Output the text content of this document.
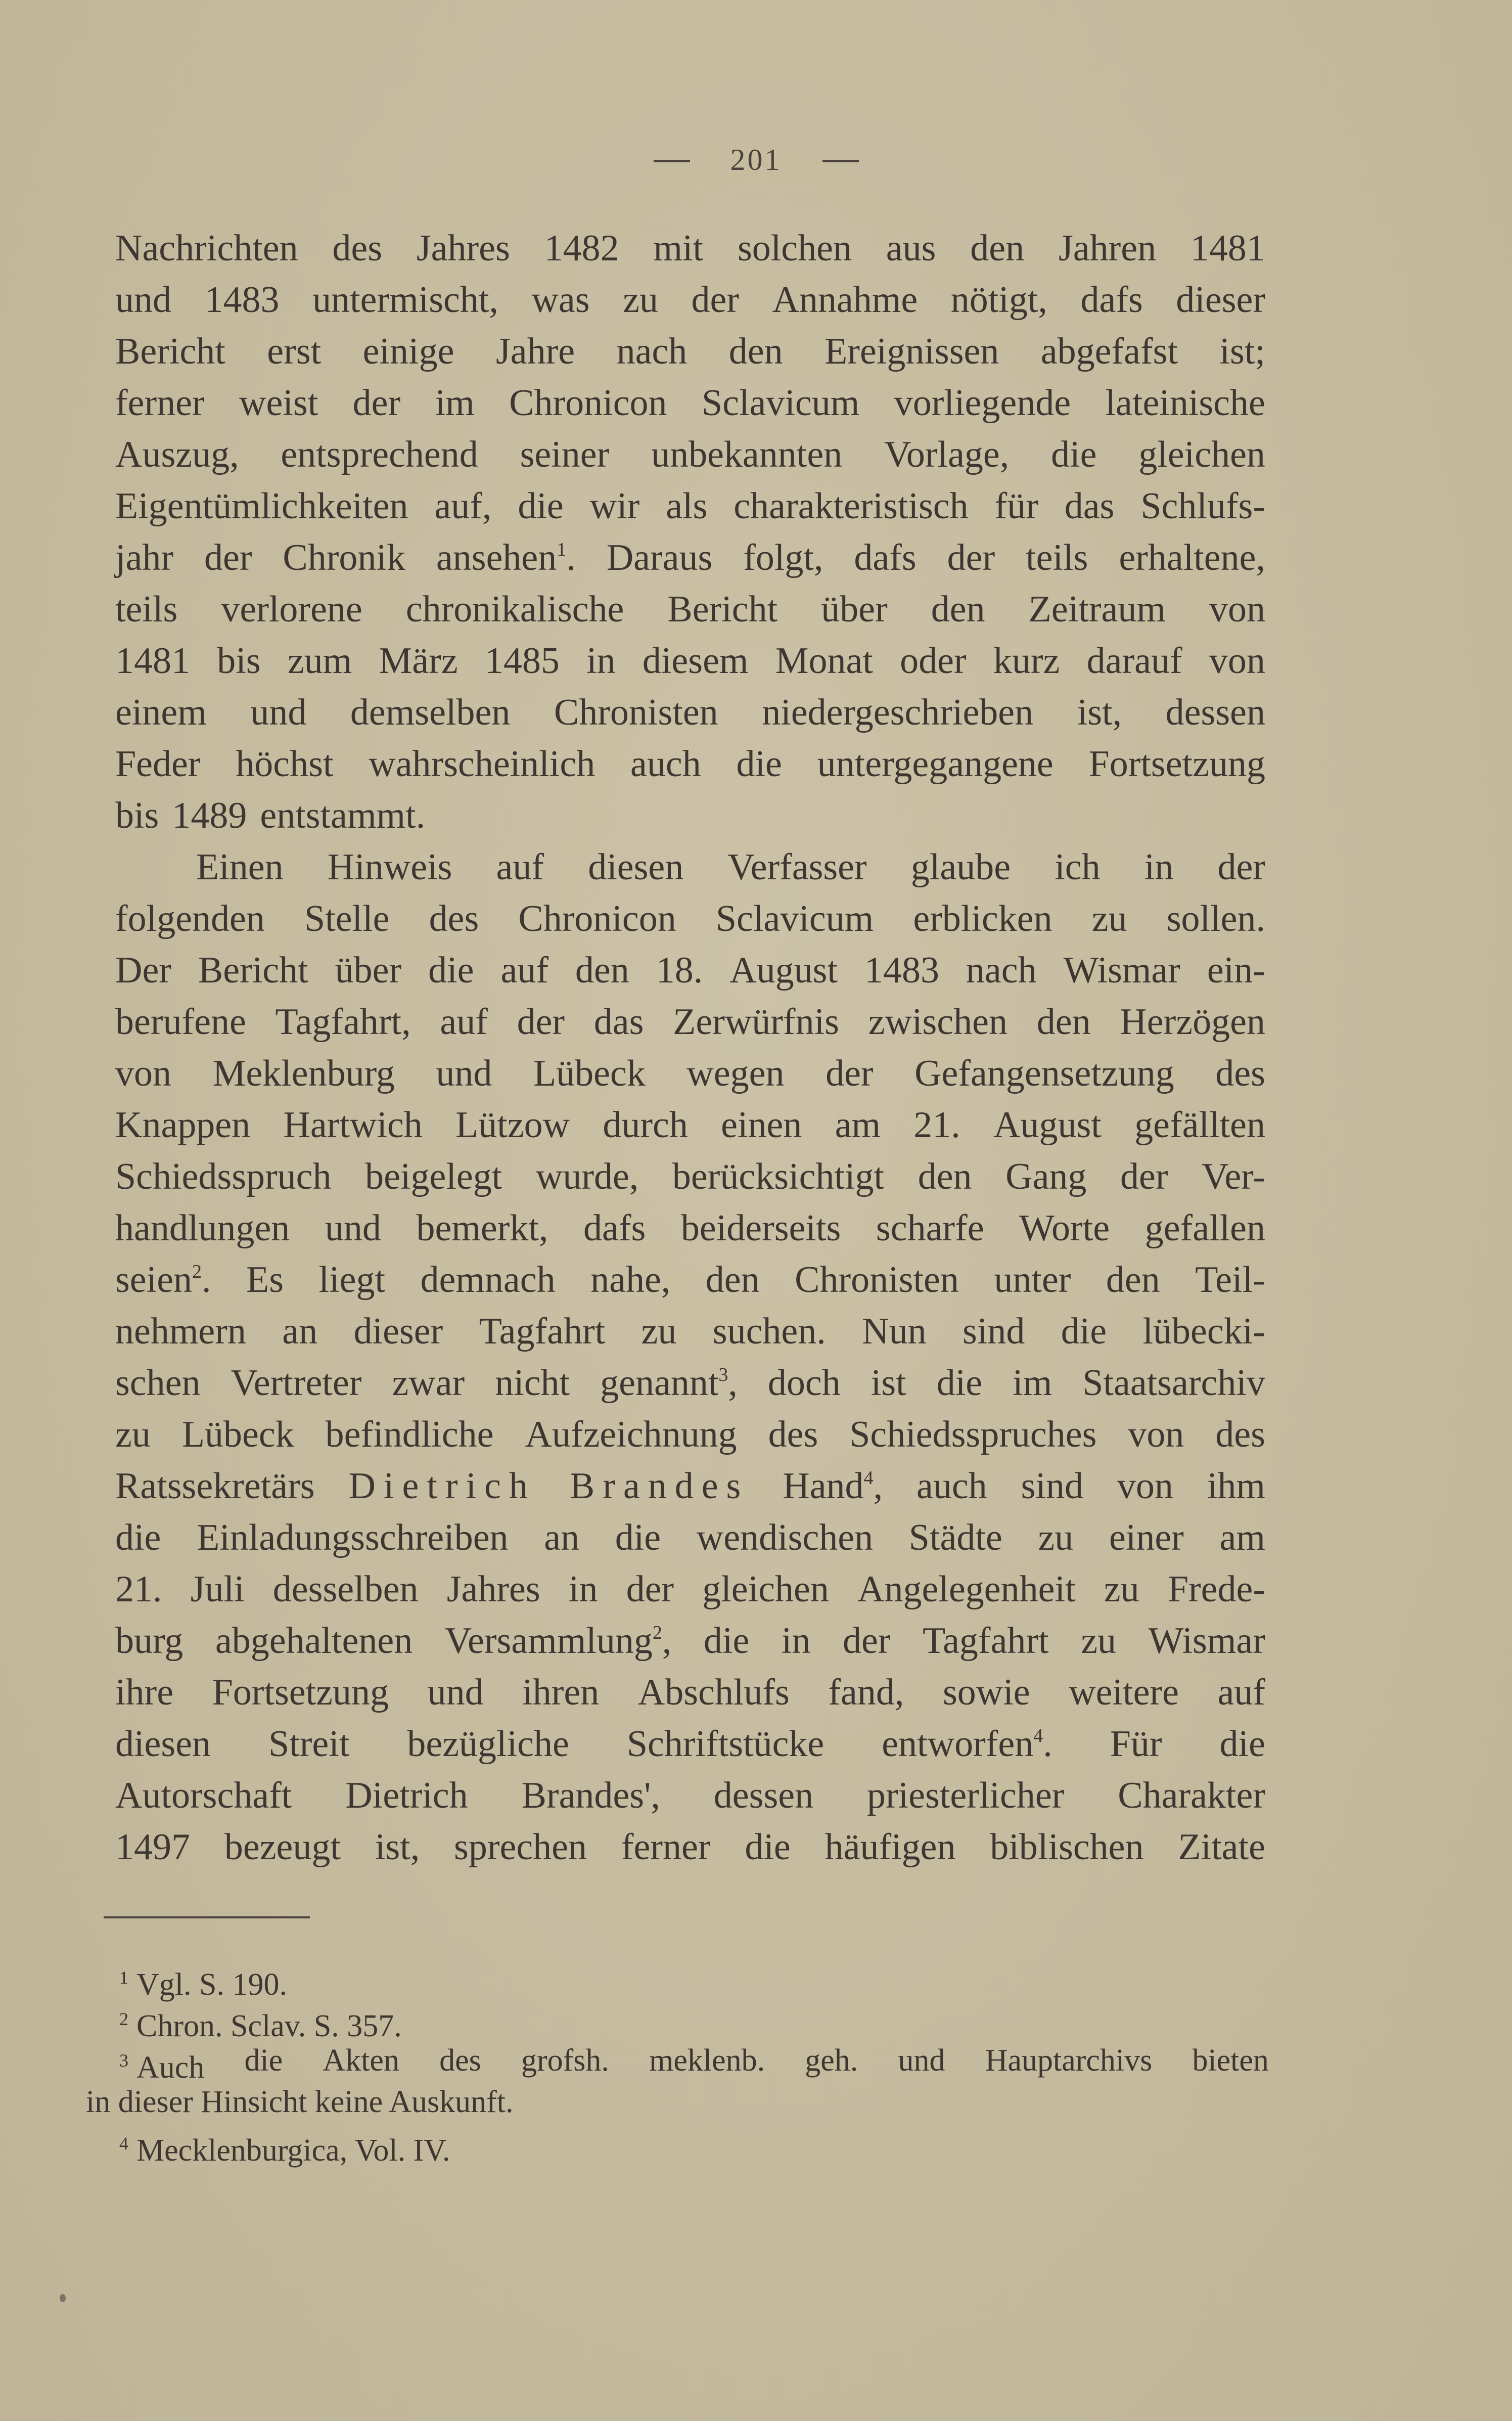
201
Nachrichten des Jahres 1482 mit solchen aus den Jahren 1481
und 1483 untermischt, was zu der Annahme nötigt, dafs dieser
Bericht erst einige Jahre nach den Ereignissen abgefafst ist;
ferner weist der im Chronicon Sclavicum vorliegende lateinische
Auszug, entsprechend seiner unbekannten Vorlage, die gleichen
Eigentümlichkeiten auf, die wir als charakteristisch für das Schlufs-
jahr der Chronik ansehen$^1$. Daraus folgt, dafs der teils erhaltene,
teils verlorene chronikalische Bericht über den Zeitraum von
1481 bis zum März 1485 in diesem Monat oder kurz darauf von
einem und demselben Chronisten niedergeschrieben ist, dessen
Feder höchst wahrscheinlich auch die untergegangene Fortsetzung
bis 1489 entstammt.
Einen Hinweis auf diesen Verfasser glaube ich in der
folgenden Stelle des Chronicon Sclavicum erblicken zu sollen.
Der Bericht über die auf den 18. August 1483 nach Wismar ein-
berufene Tagfahrt, auf der das Zerwürfnis zwischen den Herzögen
von Meklenburg und Lübeck wegen der Gefangensetzung des
Knappen Hartwich Lützow durch einen am 21. August gefällten
Schiedsspruch beigelegt wurde, berücksichtigt den Gang der Ver-
handlungen und bemerkt, dafs beiderseits scharfe Worte gefallen
seien$^2$. Es liegt demnach nahe, den Chronisten unter den Teil-
nehmern an dieser Tagfahrt zu suchen. Nun sind die lübecki-
schen Vertreter zwar nicht genannt$^3$, doch ist die im Staatsarchiv
zu Lübeck befindliche Aufzeichnung des Schiedsspruches von des
Ratssekretärs Dietrich Brandes Hand$^4$, auch sind von ihm
die Einladungsschreiben an die wendischen Städte zu einer am
21. Juli desselben Jahres in der gleichen Angelegenheit zu Frede-
burg abgehaltenen Versammlung$^2$, die in der Tagfahrt zu Wismar
ihre Fortsetzung und ihren Abschlufs fand, sowie weitere auf
diesen Streit bezügliche Schriftstücke entworfen$^4$. Für die
Autorschaft Dietrich Brandes', dessen priesterlicher Charakter
1497 bezeugt ist, sprechen ferner die häufigen biblischen Zitate
$^1$ Vgl. S. 190.
$^2$ Chron. Sclav. S. 357.
$^3$ Auch die Akten des grofsh. meklenb. geh. und Hauptarchivs bieten
in dieser Hinsicht keine Auskunft.
$^4$ Mecklenburgica, Vol. IV.
